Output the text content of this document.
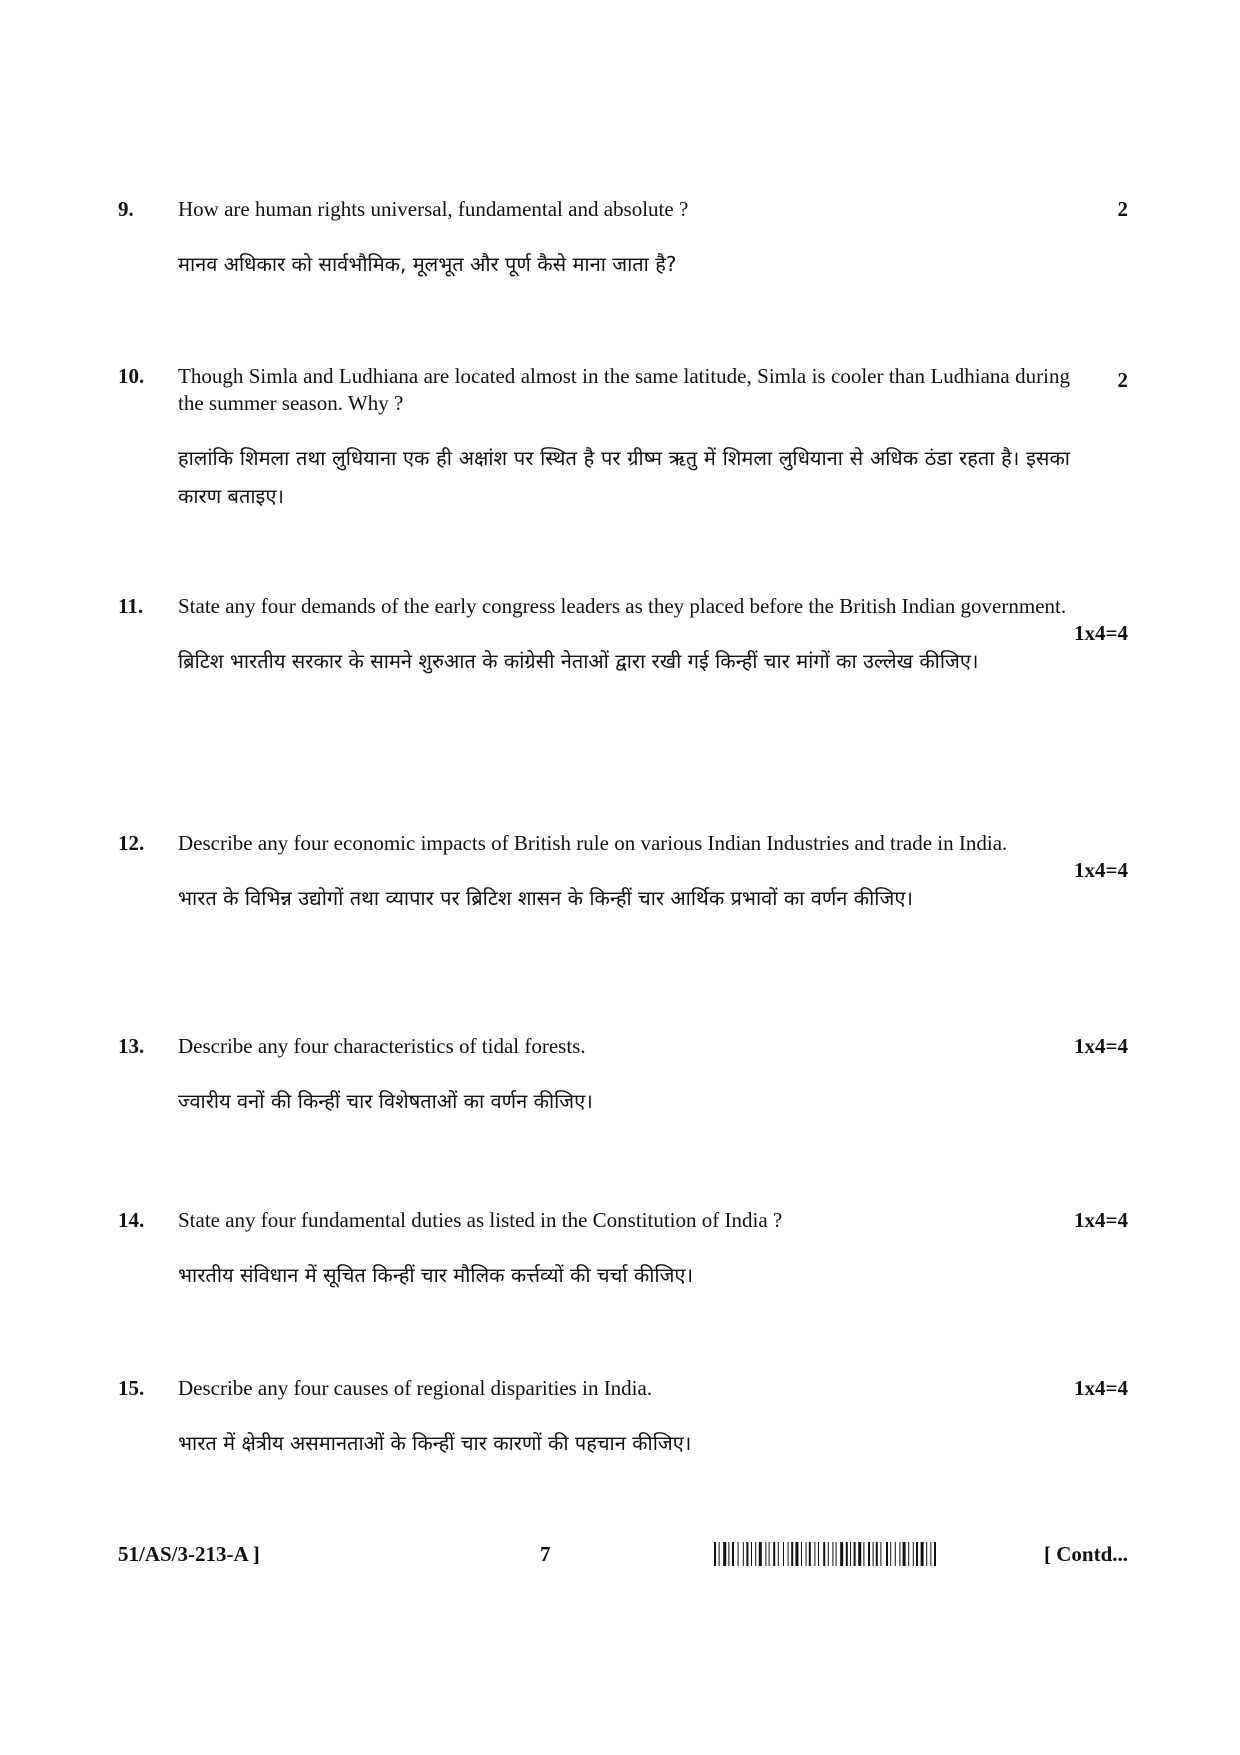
9. How are human rights universal, fundamental and absolute ?
मानव अधिकार को सार्वभौमिक, मूलभूत और पूर्ण कैसे माना जाता है?
2
10. Though Simla and Ludhiana are located almost in the same latitude, Simla is cooler than Ludhiana during the summer season. Why ?
हालांकि शिमला तथा लुधियाना एक ही अक्षांश पर स्थित है पर ग्रीष्म ऋतु में शिमला लुधियाना से अधिक ठंडा रहता है। इसका कारण बताइए।
2
11. State any four demands of the early congress leaders as they placed before the British Indian government.
ब्रिटिश भारतीय सरकार के सामने शुरुआत के कांग्रेसी नेताओं द्वारा रखी गई किन्हीं चार मांगों का उल्लेख कीजिए।
1x4=4
12. Describe any four economic impacts of British rule on various Indian Industries and trade in India.
भारत के विभिन्न उद्योगों तथा व्यापार पर ब्रिटिश शासन के किन्हीं चार आर्थिक प्रभावों का वर्णन कीजिए।
1x4=4
13. Describe any four characteristics of tidal forests.
ज्वारीय वनों की किन्हीं चार विशेषताओं का वर्णन कीजिए।
1x4=4
14. State any four fundamental duties as listed in the Constitution of India ?
भारतीय संविधान में सूचित किन्हीं चार मौलिक कर्त्तव्यों की चर्चा कीजिए।
1x4=4
15. Describe any four causes of regional disparities in India.
भारत में क्षेत्रीय असमानताओं के किन्हीं चार कारणों की पहचान कीजिए।
1x4=4
51/AS/3-213-A ]	7	[ Contd...
